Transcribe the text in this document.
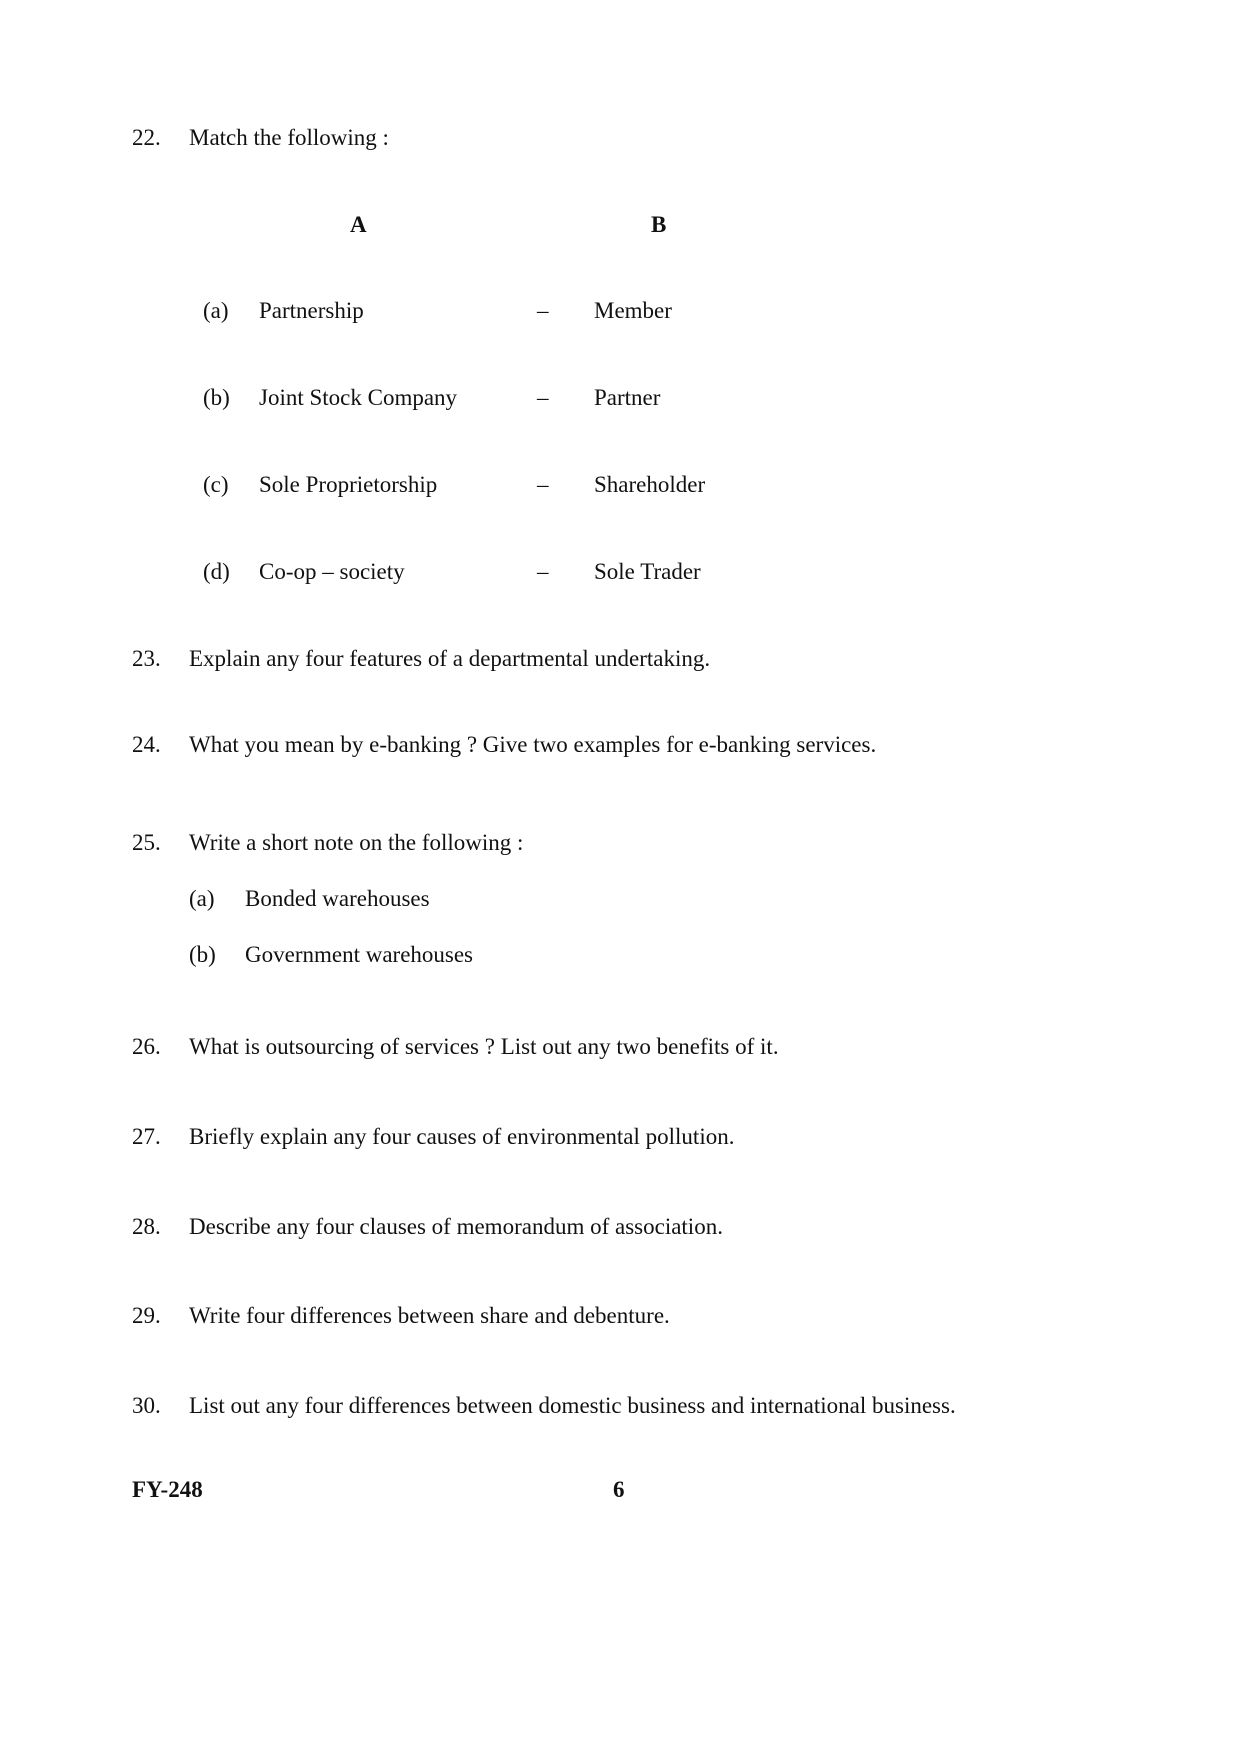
22. Match the following :
A	B
(a) Partnership	– Member
(b) Joint Stock Company	– Partner
(c) Sole Proprietorship	– Shareholder
(d) Co-op – society	– Sole Trader
23. Explain any four features of a departmental undertaking.
24. What you mean by e-banking ? Give two examples for e-banking services.
25. Write a short note on the following :
(a) Bonded warehouses
(b) Government warehouses
26. What is outsourcing of services ? List out any two benefits of it.
27. Briefly explain any four causes of environmental pollution.
28. Describe any four clauses of memorandum of association.
29. Write four differences between share and debenture.
30. List out any four differences between domestic business and international business.
FY-248	6
